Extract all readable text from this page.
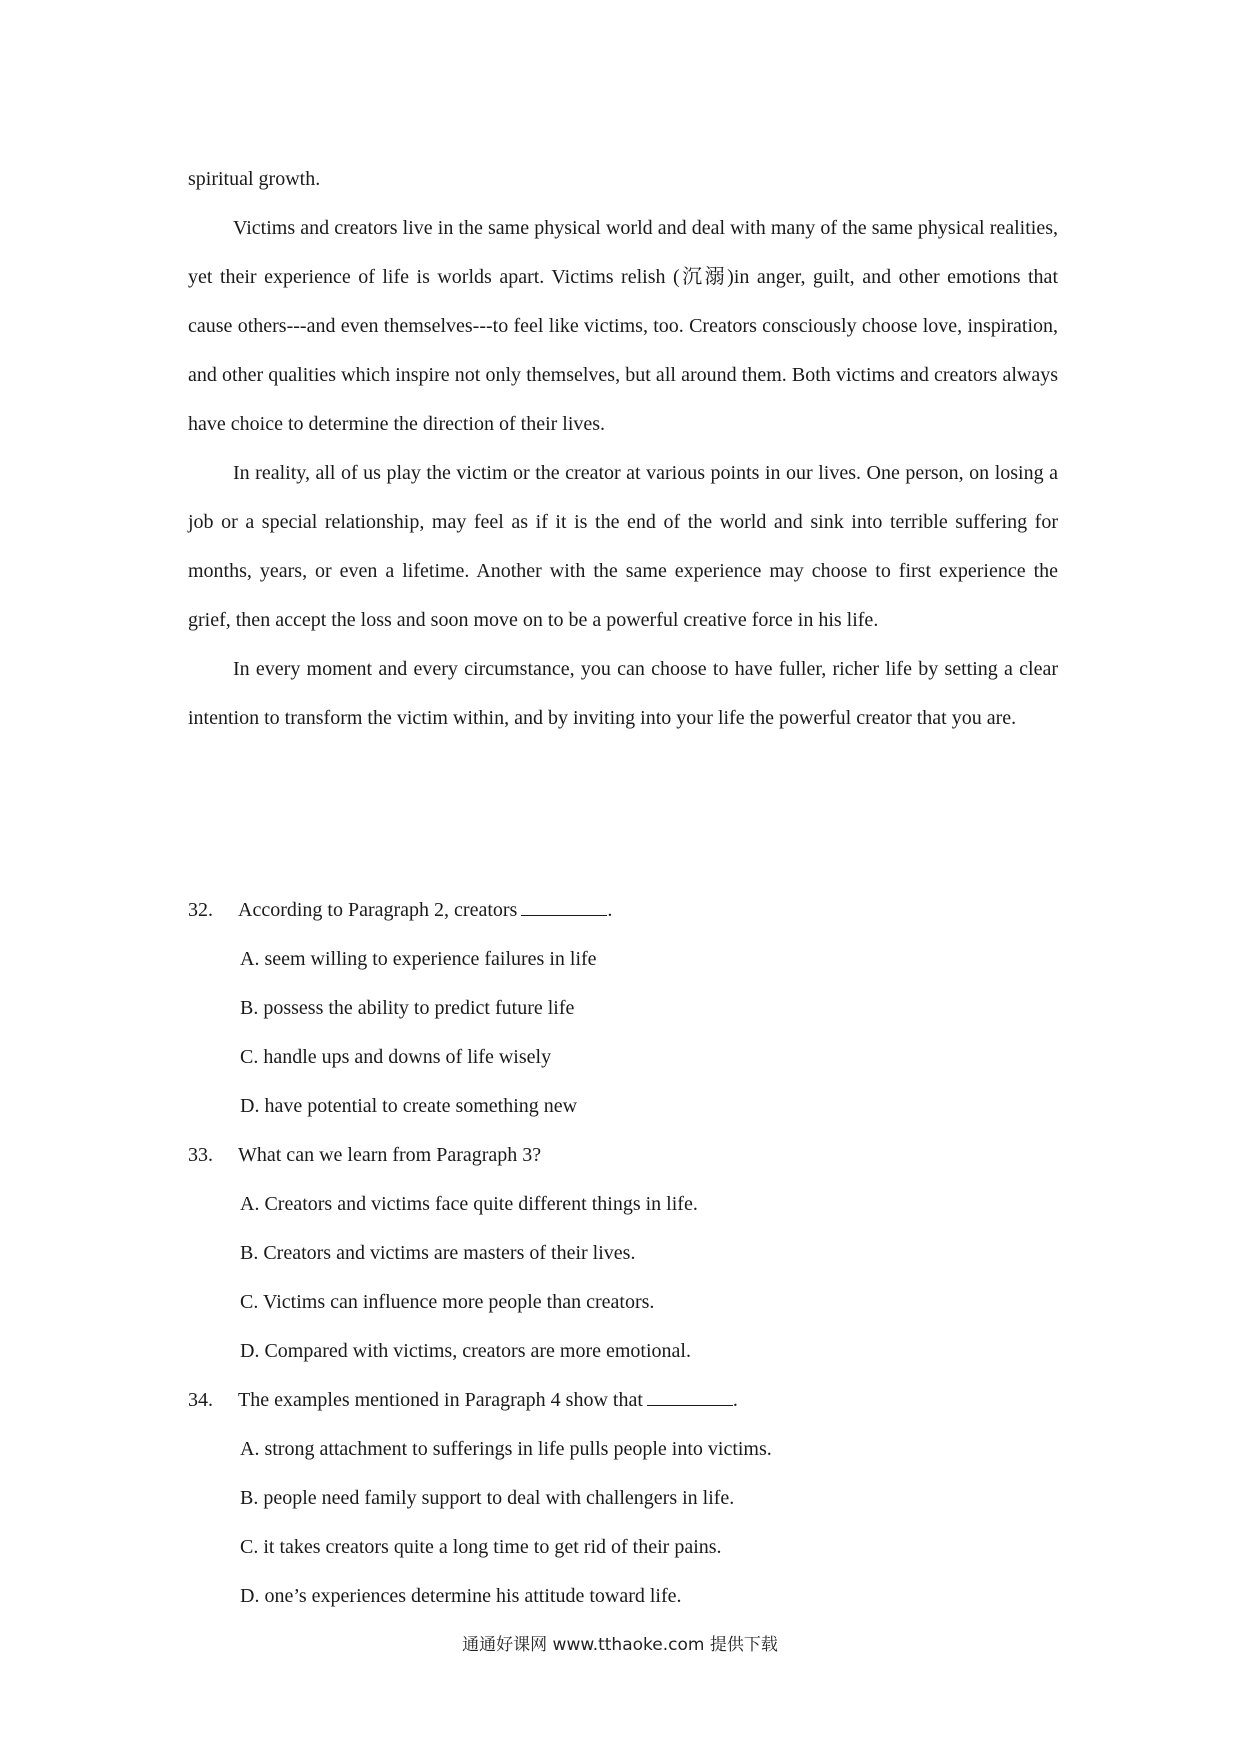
spiritual growth.

Victims and creators live in the same physical world and deal with many of the same physical realities, yet their experience of life is worlds apart. Victims relish (沉溺)in anger, guilt, and other emotions that cause others---and even themselves---to feel like victims, too. Creators consciously choose love, inspiration, and other qualities which inspire not only themselves, but all around them. Both victims and creators always have choice to determine the direction of their lives.

In reality, all of us play the victim or the creator at various points in our lives. One person, on losing a job or a special relationship, may feel as if it is the end of the world and sink into terrible suffering for months, years, or even a lifetime. Another with the same experience may choose to first experience the grief, then accept the loss and soon move on to be a powerful creative force in his life.

In every moment and every circumstance, you can choose to have fuller, richer life by setting a clear intention to transform the victim within, and by inviting into your life the powerful creator that you are.

32.	According to Paragraph 2, creators	.
A. seem willing to experience failures in life
B. possess the ability to predict future life
C. handle ups and downs of life wisely
D. have potential to create something new
33.	What can we learn from Paragraph 3?
A. Creators and victims face quite different things in life.
B. Creators and victims are masters of their lives.
C. Victims can influence more people than creators.
D. Compared with victims, creators are more emotional.
34.	The examples mentioned in Paragraph 4 show that	.
A. strong attachment to sufferings in life pulls people into victims.
B. people need family support to deal with challengers in life.
C. it takes creators quite a long time to get rid of their pains.
D. one’s experiences determine his attitude toward life.
通通好课网 www.tthaoke.com 提供下载
